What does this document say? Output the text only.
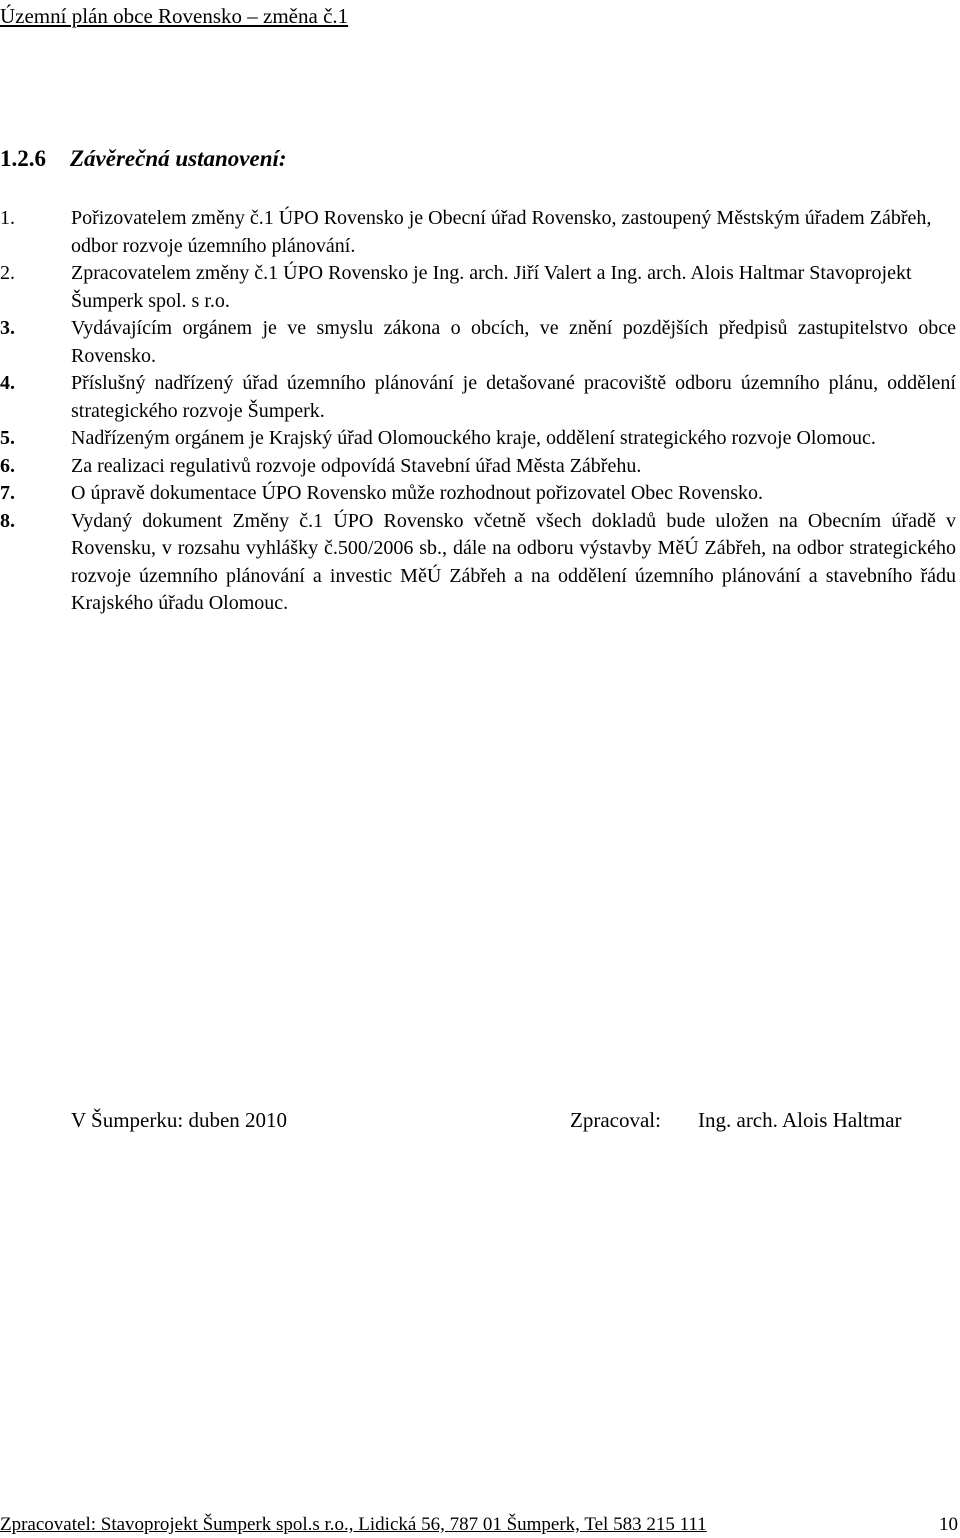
Územní plán obce Rovensko – změna č.1
1.2.6 Závěrečná ustanovení:
1.	Pořizovatelem změny č.1 ÚPO Rovensko je Obecní úřad Rovensko, zastoupený Městským úřadem Zábřeh, odbor rozvoje územního plánování.
2.	Zpracovatelem změny č.1 ÚPO Rovensko je Ing. arch. Jiří Valert a Ing. arch. Alois Haltmar Stavoprojekt Šumperk spol. s r.o.
3.	Vydávajícím orgánem je ve smyslu zákona o obcích, ve znění pozdějších předpisů zastupitelstvo obce Rovensko.
4.	Příslušný nadřízený úřad územního plánování je detašované pracoviště odboru územního plánu, oddělení strategického rozvoje Šumperk.
5.	Nadřízeným orgánem je Krajský úřad Olomouckého kraje, oddělení strategického rozvoje Olomouc.
6.	Za realizaci regulativů rozvoje odpovídá Stavební úřad Města Zábřehu.
7.	O úpravě dokumentace ÚPO Rovensko může rozhodnout pořizovatel Obec Rovensko.
8.	Vydaný dokument Změny č.1 ÚPO Rovensko včetně všech dokladů bude uložen na Obecním úřadě v Rovensku, v rozsahu vyhlášky č.500/2006 sb., dále na odboru výstavby MěÚ Zábřeh, na odbor strategického rozvoje územního plánování a investic MěÚ Zábřeh a na oddělení územního plánování a stavebního řádu Krajského úřadu Olomouc.
V Šumperku: duben 2010	Zpracoval: Ing. arch. Alois Haltmar
Zpracovatel: Stavoprojekt Šumperk spol.s r.o., Lidická 56, 787 01 Šumperk, Tel 583 215 111	10
